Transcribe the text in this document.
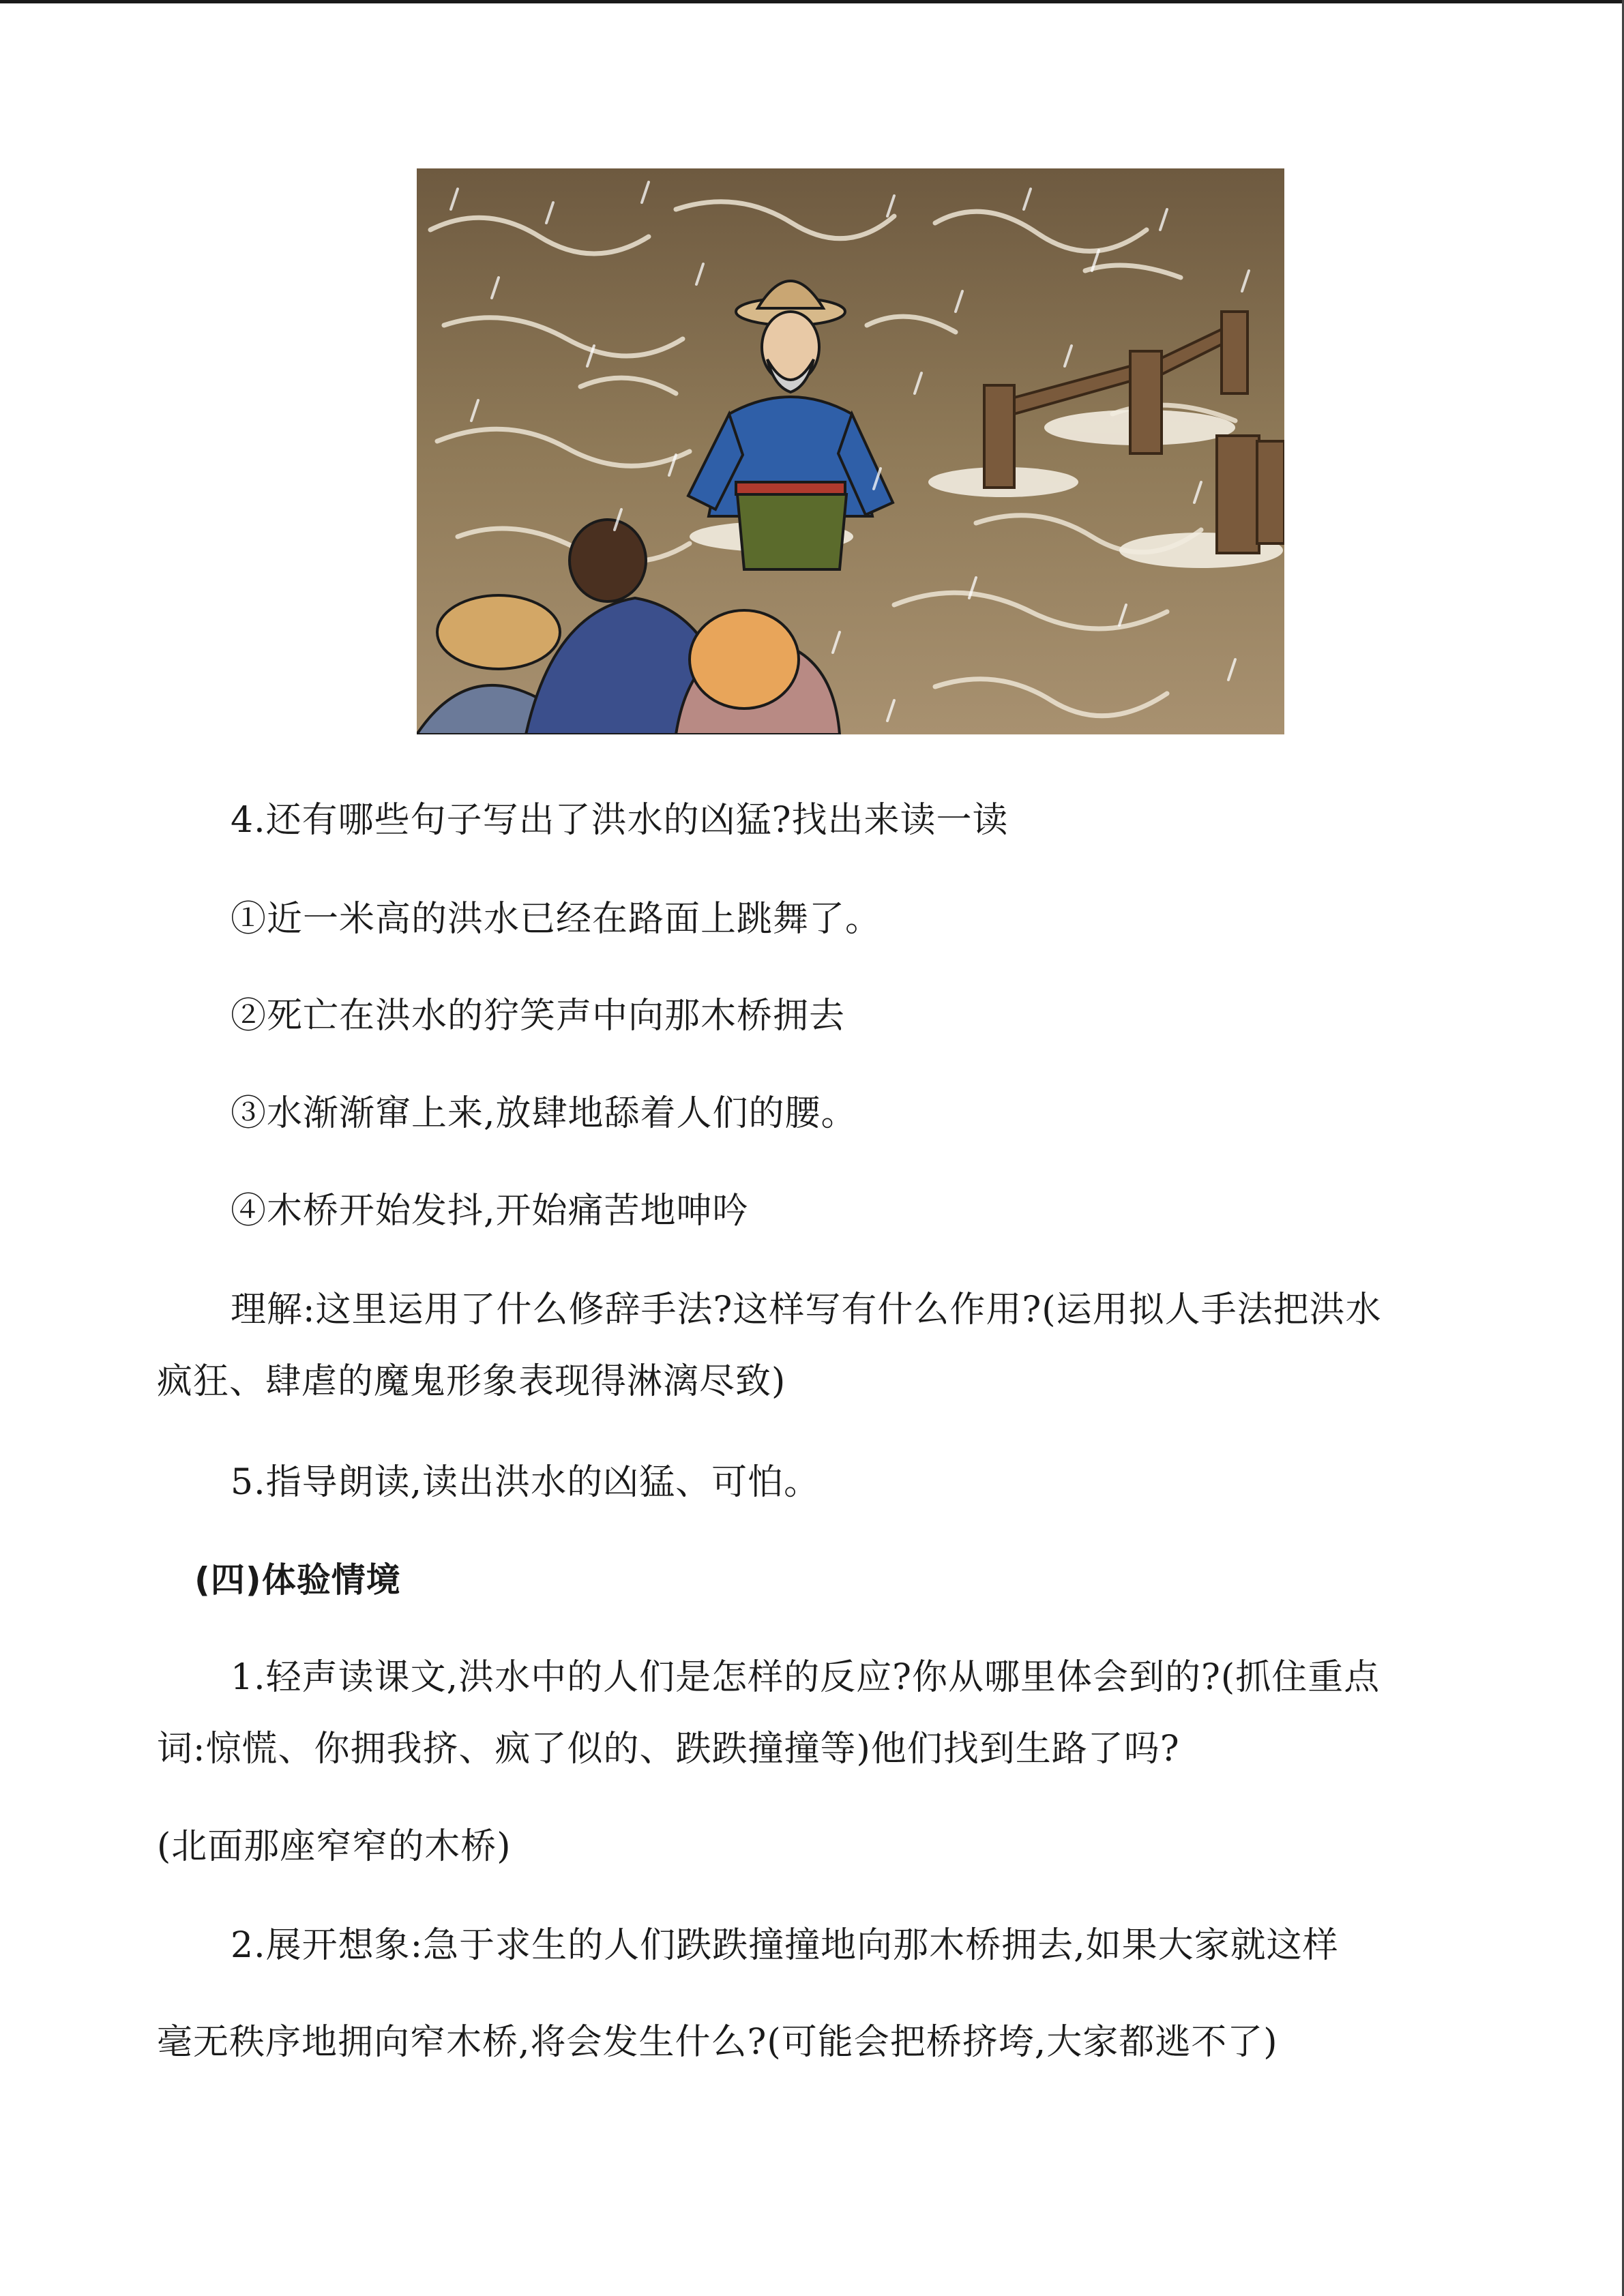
4.还有哪些句子写出了洪水的凶猛?找出来读一读
①近一米高的洪水已经在路面上跳舞了。
②死亡在洪水的狞笑声中向那木桥拥去
③水渐渐窜上来,放肆地舔着人们的腰。
④木桥开始发抖,开始痛苦地呻吟
理解:这里运用了什么修辞手法?这样写有什么作用?(运用拟人手法把洪水
疯狂、肆虐的魔鬼形象表现得淋漓尽致)
5.指导朗读,读出洪水的凶猛、可怕。
(四)体验情境
1.轻声读课文,洪水中的人们是怎样的反应?你从哪里体会到的?(抓住重点
词:惊慌、你拥我挤、疯了似的、跌跌撞撞等)他们找到生路了吗?
(北面那座窄窄的木桥)
2.展开想象:急于求生的人们跌跌撞撞地向那木桥拥去,如果大家就这样
毫无秩序地拥向窄木桥,将会发生什么?(可能会把桥挤垮,大家都逃不了)
